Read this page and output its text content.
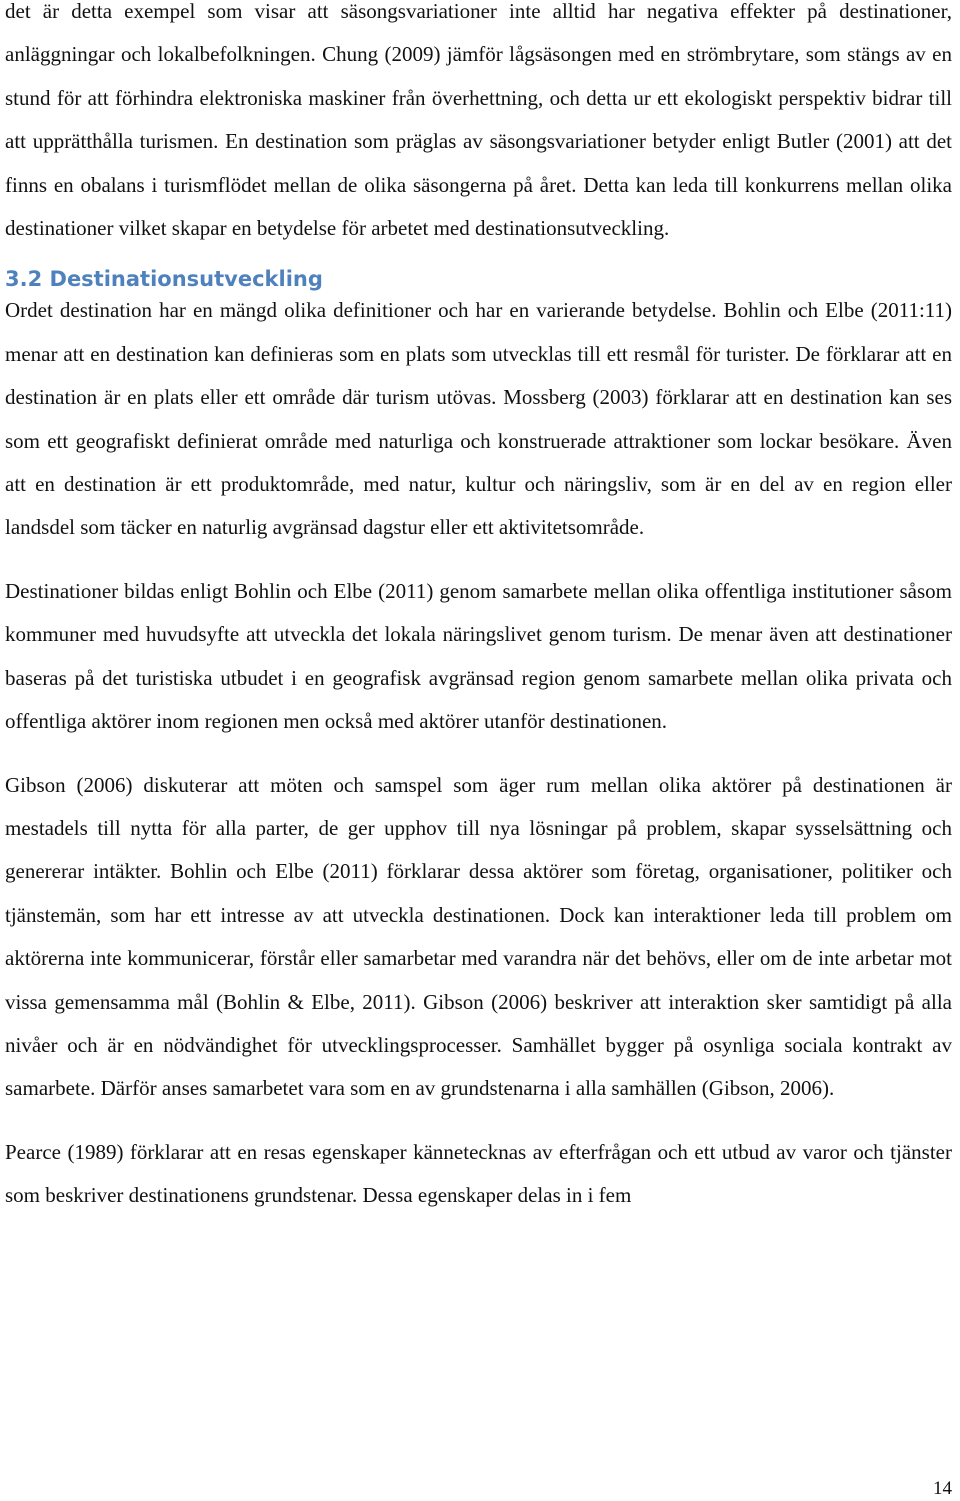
det är detta exempel som visar att säsongsvariationer inte alltid har negativa effekter på destinationer, anläggningar och lokalbefolkningen. Chung (2009) jämför lågsäsongen med en strömbrytare, som stängs av en stund för att förhindra elektroniska maskiner från överhettning, och detta ur ett ekologiskt perspektiv bidrar till att upprätthålla turismen. En destination som präglas av säsongsvariationer betyder enligt Butler (2001) att det finns en obalans i turismflödet mellan de olika säsongerna på året. Detta kan leda till konkurrens mellan olika destinationer vilket skapar en betydelse för arbetet med destinationsutveckling.

3.2 Destinationsutveckling

Ordet destination har en mängd olika definitioner och har en varierande betydelse. Bohlin och Elbe (2011:11) menar att en destination kan definieras som en plats som utvecklas till ett resmål för turister. De förklarar att en destination är en plats eller ett område där turism utövas. Mossberg (2003) förklarar att en destination kan ses som ett geografiskt definierat område med naturliga och konstruerade attraktioner som lockar besökare. Även att en destination är ett produktområde, med natur, kultur och näringsliv, som är en del av en region eller landsdel som täcker en naturlig avgränsad dagstur eller ett aktivitetsområde.

Destinationer bildas enligt Bohlin och Elbe (2011) genom samarbete mellan olika offentliga institutioner såsom kommuner med huvudsyfte att utveckla det lokala näringslivet genom turism. De menar även att destinationer baseras på det turistiska utbudet i en geografisk avgränsad region genom samarbete mellan olika privata och offentliga aktörer inom regionen men också med aktörer utanför destinationen.

Gibson (2006) diskuterar att möten och samspel som äger rum mellan olika aktörer på destinationen är mestadels till nytta för alla parter, de ger upphov till nya lösningar på problem, skapar sysselsättning och genererar intäkter. Bohlin och Elbe (2011) förklarar dessa aktörer som företag, organisationer, politiker och tjänstemän, som har ett intresse av att utveckla destinationen. Dock kan interaktioner leda till problem om aktörerna inte kommunicerar, förstår eller samarbetar med varandra när det behövs, eller om de inte arbetar mot vissa gemensamma mål (Bohlin & Elbe, 2011). Gibson (2006) beskriver att interaktion sker samtidigt på alla nivåer och är en nödvändighet för utvecklingsprocesser. Samhället bygger på osynliga sociala kontrakt av samarbete. Därför anses samarbetet vara som en av grundstenarna i alla samhällen (Gibson, 2006).

Pearce (1989) förklarar att en resas egenskaper kännetecknas av efterfrågan och ett utbud av varor och tjänster som beskriver destinationens grundstenar. Dessa egenskaper delas in i fem

14
